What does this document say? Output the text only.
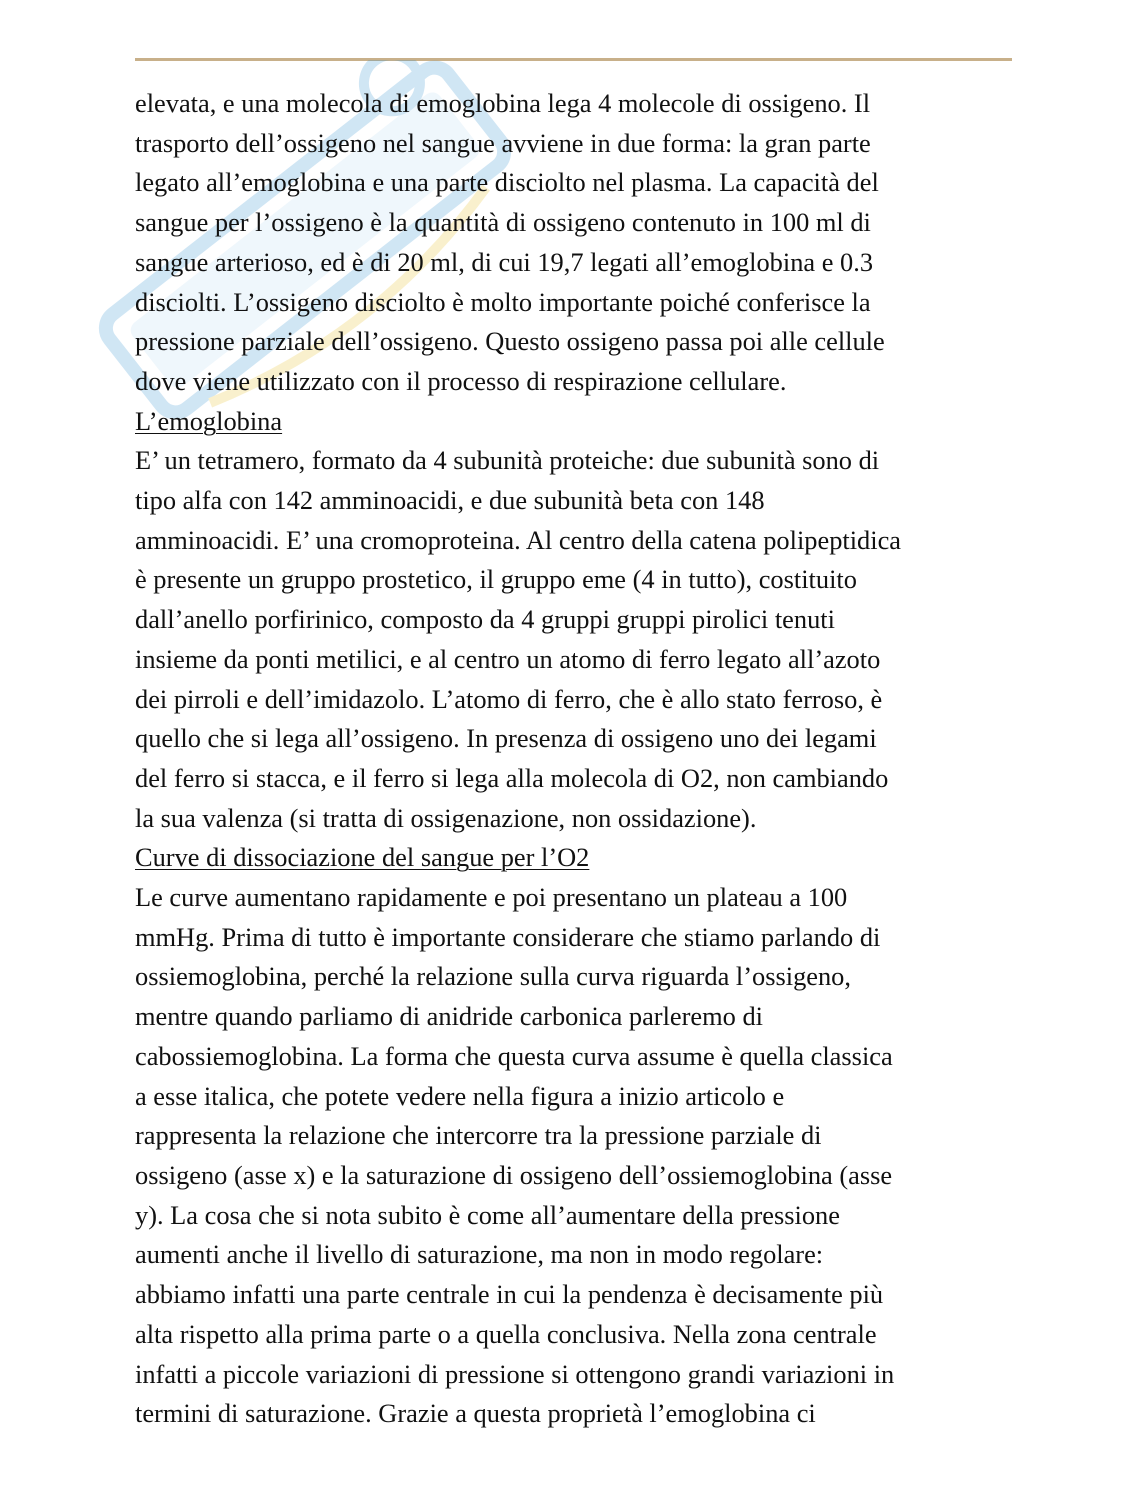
elevata, e una molecola di emoglobina lega 4 molecole di ossigeno. Il

trasporto dell’ossigeno nel sangue avviene in due forma: la gran parte

legato all’emoglobina e una parte disciolto nel plasma. La capacità del

sangue per l’ossigeno è la quantità di ossigeno contenuto in 100 ml di

sangue arterioso, ed è di 20 ml, di cui 19,7 legati all’emoglobina e 0.3

disciolti. L’ossigeno disciolto è molto importante poiché conferisce la

pressione parziale dell’ossigeno. Questo ossigeno passa poi alle cellule

dove viene utilizzato con il processo di respirazione cellulare.

L’emoglobina

E’ un tetramero, formato da 4 subunità proteiche: due subunità sono di

tipo alfa con 142 amminoacidi, e due subunità beta con 148

amminoacidi. E’ una cromoproteina. Al centro della catena polipeptidica

è presente un gruppo prostetico, il gruppo eme (4 in tutto), costituito

dall’anello porfirinico, composto da 4 gruppi gruppi pirolici tenuti

insieme da ponti metilici, e al centro un atomo di ferro legato all’azoto

dei pirroli e dell’imidazolo. L’atomo di ferro, che è allo stato ferroso, è

quello che si lega all’ossigeno. In presenza di ossigeno uno dei legami

del ferro si stacca, e il ferro si lega alla molecola di O2, non cambiando

la sua valenza (si tratta di ossigenazione, non ossidazione).

Curve di dissociazione del sangue per l’O2

Le curve aumentano rapidamente e poi presentano un plateau a 100

mmHg. Prima di tutto è importante considerare che stiamo parlando di

ossiemoglobina, perché la relazione sulla curva riguarda l’ossigeno,

mentre quando parliamo di anidride carbonica parleremo di

cabossiemoglobina. La forma che questa curva assume è quella classica

a esse italica, che potete vedere nella figura a inizio articolo e

rappresenta la relazione che intercorre tra la pressione parziale di

ossigeno (asse x) e la saturazione di ossigeno dell’ossiemoglobina (asse

y). La cosa che si nota subito è come all’aumentare della pressione

aumenti anche il livello di saturazione, ma non in modo regolare:

abbiamo infatti una parte centrale in cui la pendenza è decisamente più

alta rispetto alla prima parte o a quella conclusiva. Nella zona centrale

infatti a piccole variazioni di pressione si ottengono grandi variazioni in

termini di saturazione. Grazie a questa proprietà l’emoglobina ci
